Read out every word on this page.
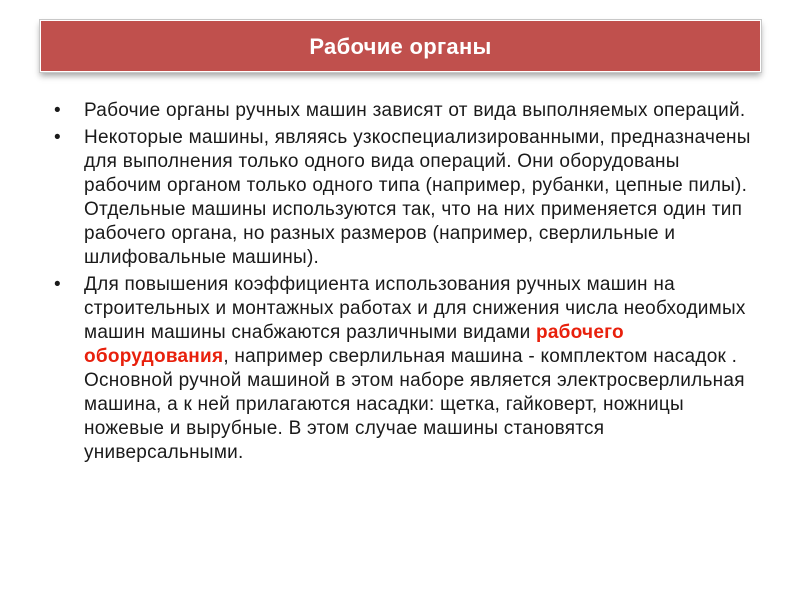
Рабочие органы
• Рабочие органы ручных машин зависят от вида выполняемых операций.
• Некоторые машины, являясь узкоспециализированными, предназначены для выполнения только одного вида операций. Они оборудованы рабочим органом только одного типа (например, рубанки, цепные пилы). Отдельные машины используются так, что на них применяется один тип рабочего органа, но разных размеров (например, сверлильные и шлифовальные машины).
• Для повышения коэффициента использования ручных машин на строительных и монтажных работах и для снижения числа необходимых машин машины снабжаются различными видами рабочего оборудования, например сверлильная машина - комплектом насадок . Основной ручной машиной в этом наборе является электросверлильная машина, а к ней прилагаются насадки: щетка, гайковерт, ножницы ножевые и вырубные. В этом случае машины становятся универсальными.
